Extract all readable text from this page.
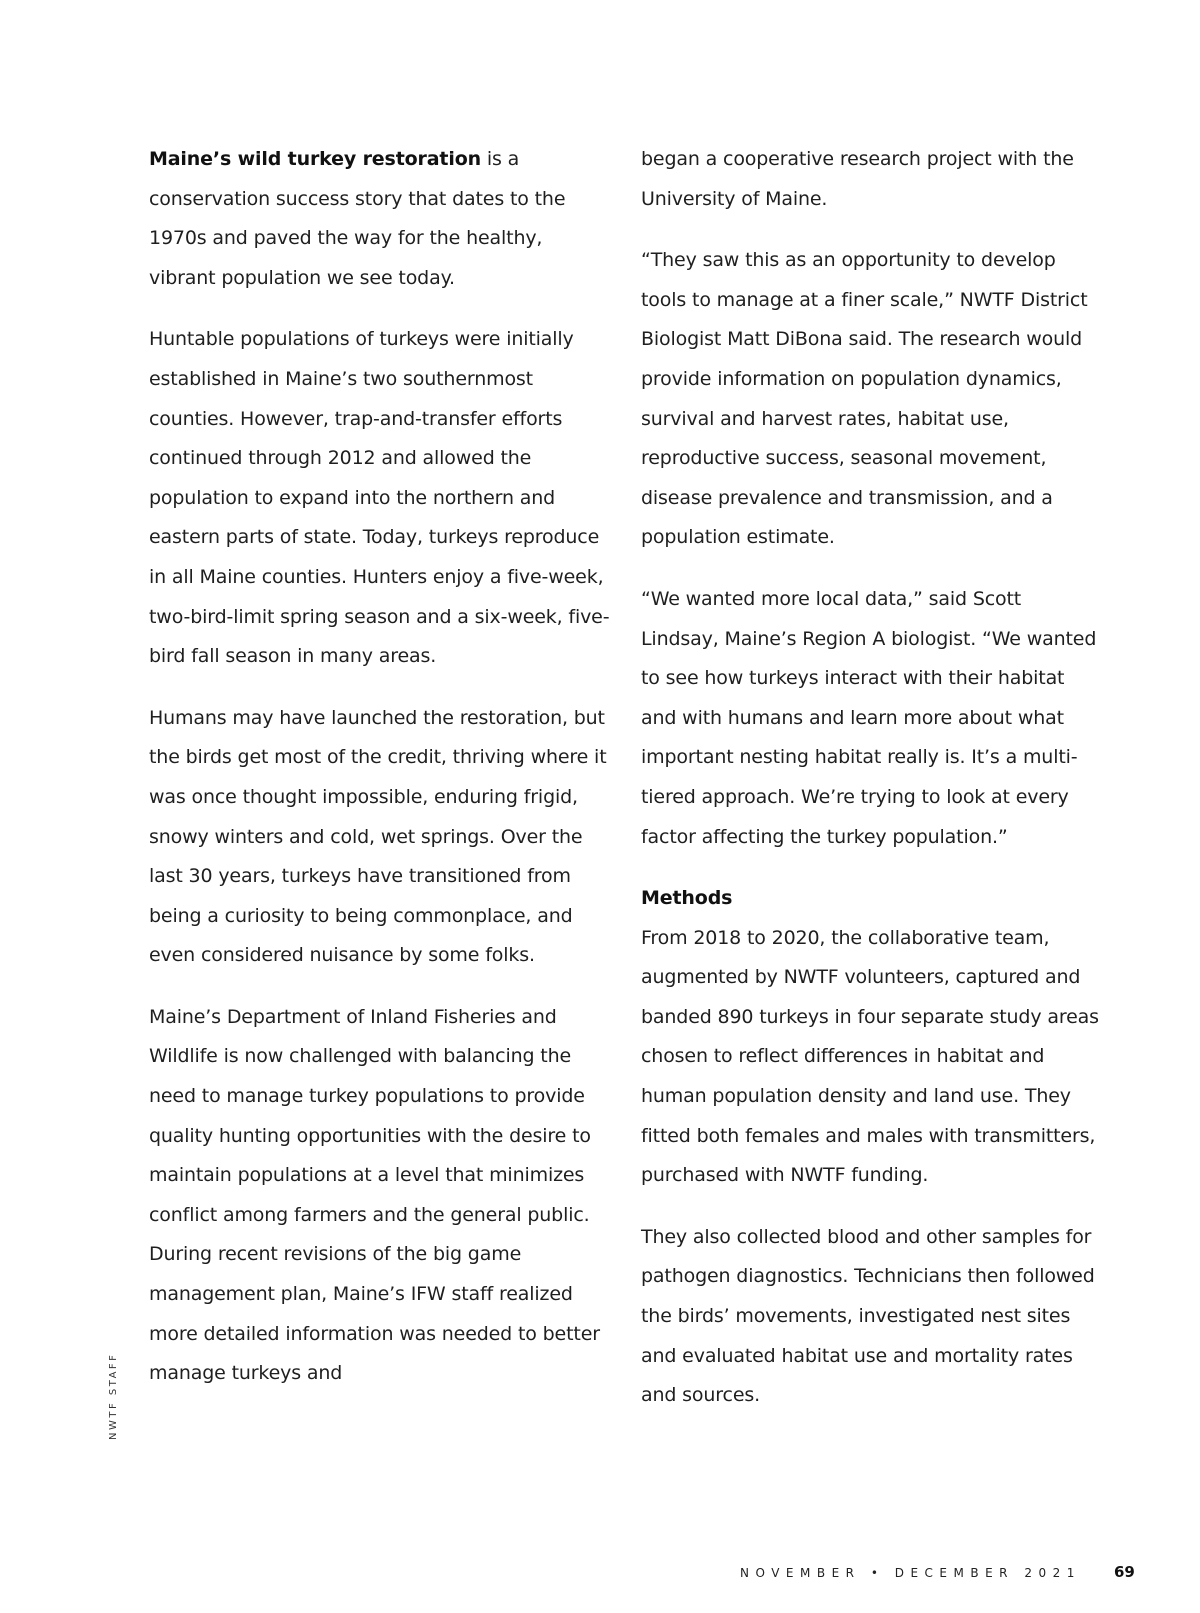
Maine’s wild turkey restoration is a conservation success story that dates to the 1970s and paved the way for the healthy, vibrant population we see today.

Huntable populations of turkeys were initially established in Maine’s two southernmost counties. However, trap-and-transfer efforts continued through 2012 and allowed the population to expand into the northern and eastern parts of state. Today, turkeys reproduce in all Maine counties. Hunters enjoy a five-week, two-bird-limit spring season and a six-week, five-bird fall season in many areas.

Humans may have launched the restoration, but the birds get most of the credit, thriving where it was once thought impossible, enduring frigid, snowy winters and cold, wet springs. Over the last 30 years, turkeys have transitioned from being a curiosity to being commonplace, and even considered nuisance by some folks.

Maine’s Department of Inland Fisheries and Wildlife is now challenged with balancing the need to manage turkey populations to provide quality hunting opportunities with the desire to maintain populations at a level that minimizes conflict among farmers and the general public. During recent revisions of the big game management plan, Maine’s IFW staff realized more detailed information was needed to better manage turkeys and

began a cooperative research project with the University of Maine.

“They saw this as an opportunity to develop tools to manage at a finer scale,” NWTF District Biologist Matt DiBona said. The research would provide information on population dynamics, survival and harvest rates, habitat use, reproductive success, seasonal movement, disease prevalence and transmission, and a population estimate.

“We wanted more local data,” said Scott Lindsay, Maine’s Region A biologist. “We wanted to see how turkeys interact with their habitat and with humans and learn more about what important nesting habitat really is. It’s a multi-tiered approach. We’re trying to look at every factor affecting the turkey population.”

Methods

From 2018 to 2020, the collaborative team, augmented by NWTF volunteers, captured and banded 890 turkeys in four separate study areas chosen to reflect differences in habitat and human population density and land use. They fitted both females and males with transmitters, purchased with NWTF funding.

They also collected blood and other samples for pathogen diagnostics. Technicians then followed the birds’ movements, investigated nest sites and evaluated habitat use and mortality rates and sources.

NWTF STAFF
NOVEMBER • DECEMBER 2021 69
